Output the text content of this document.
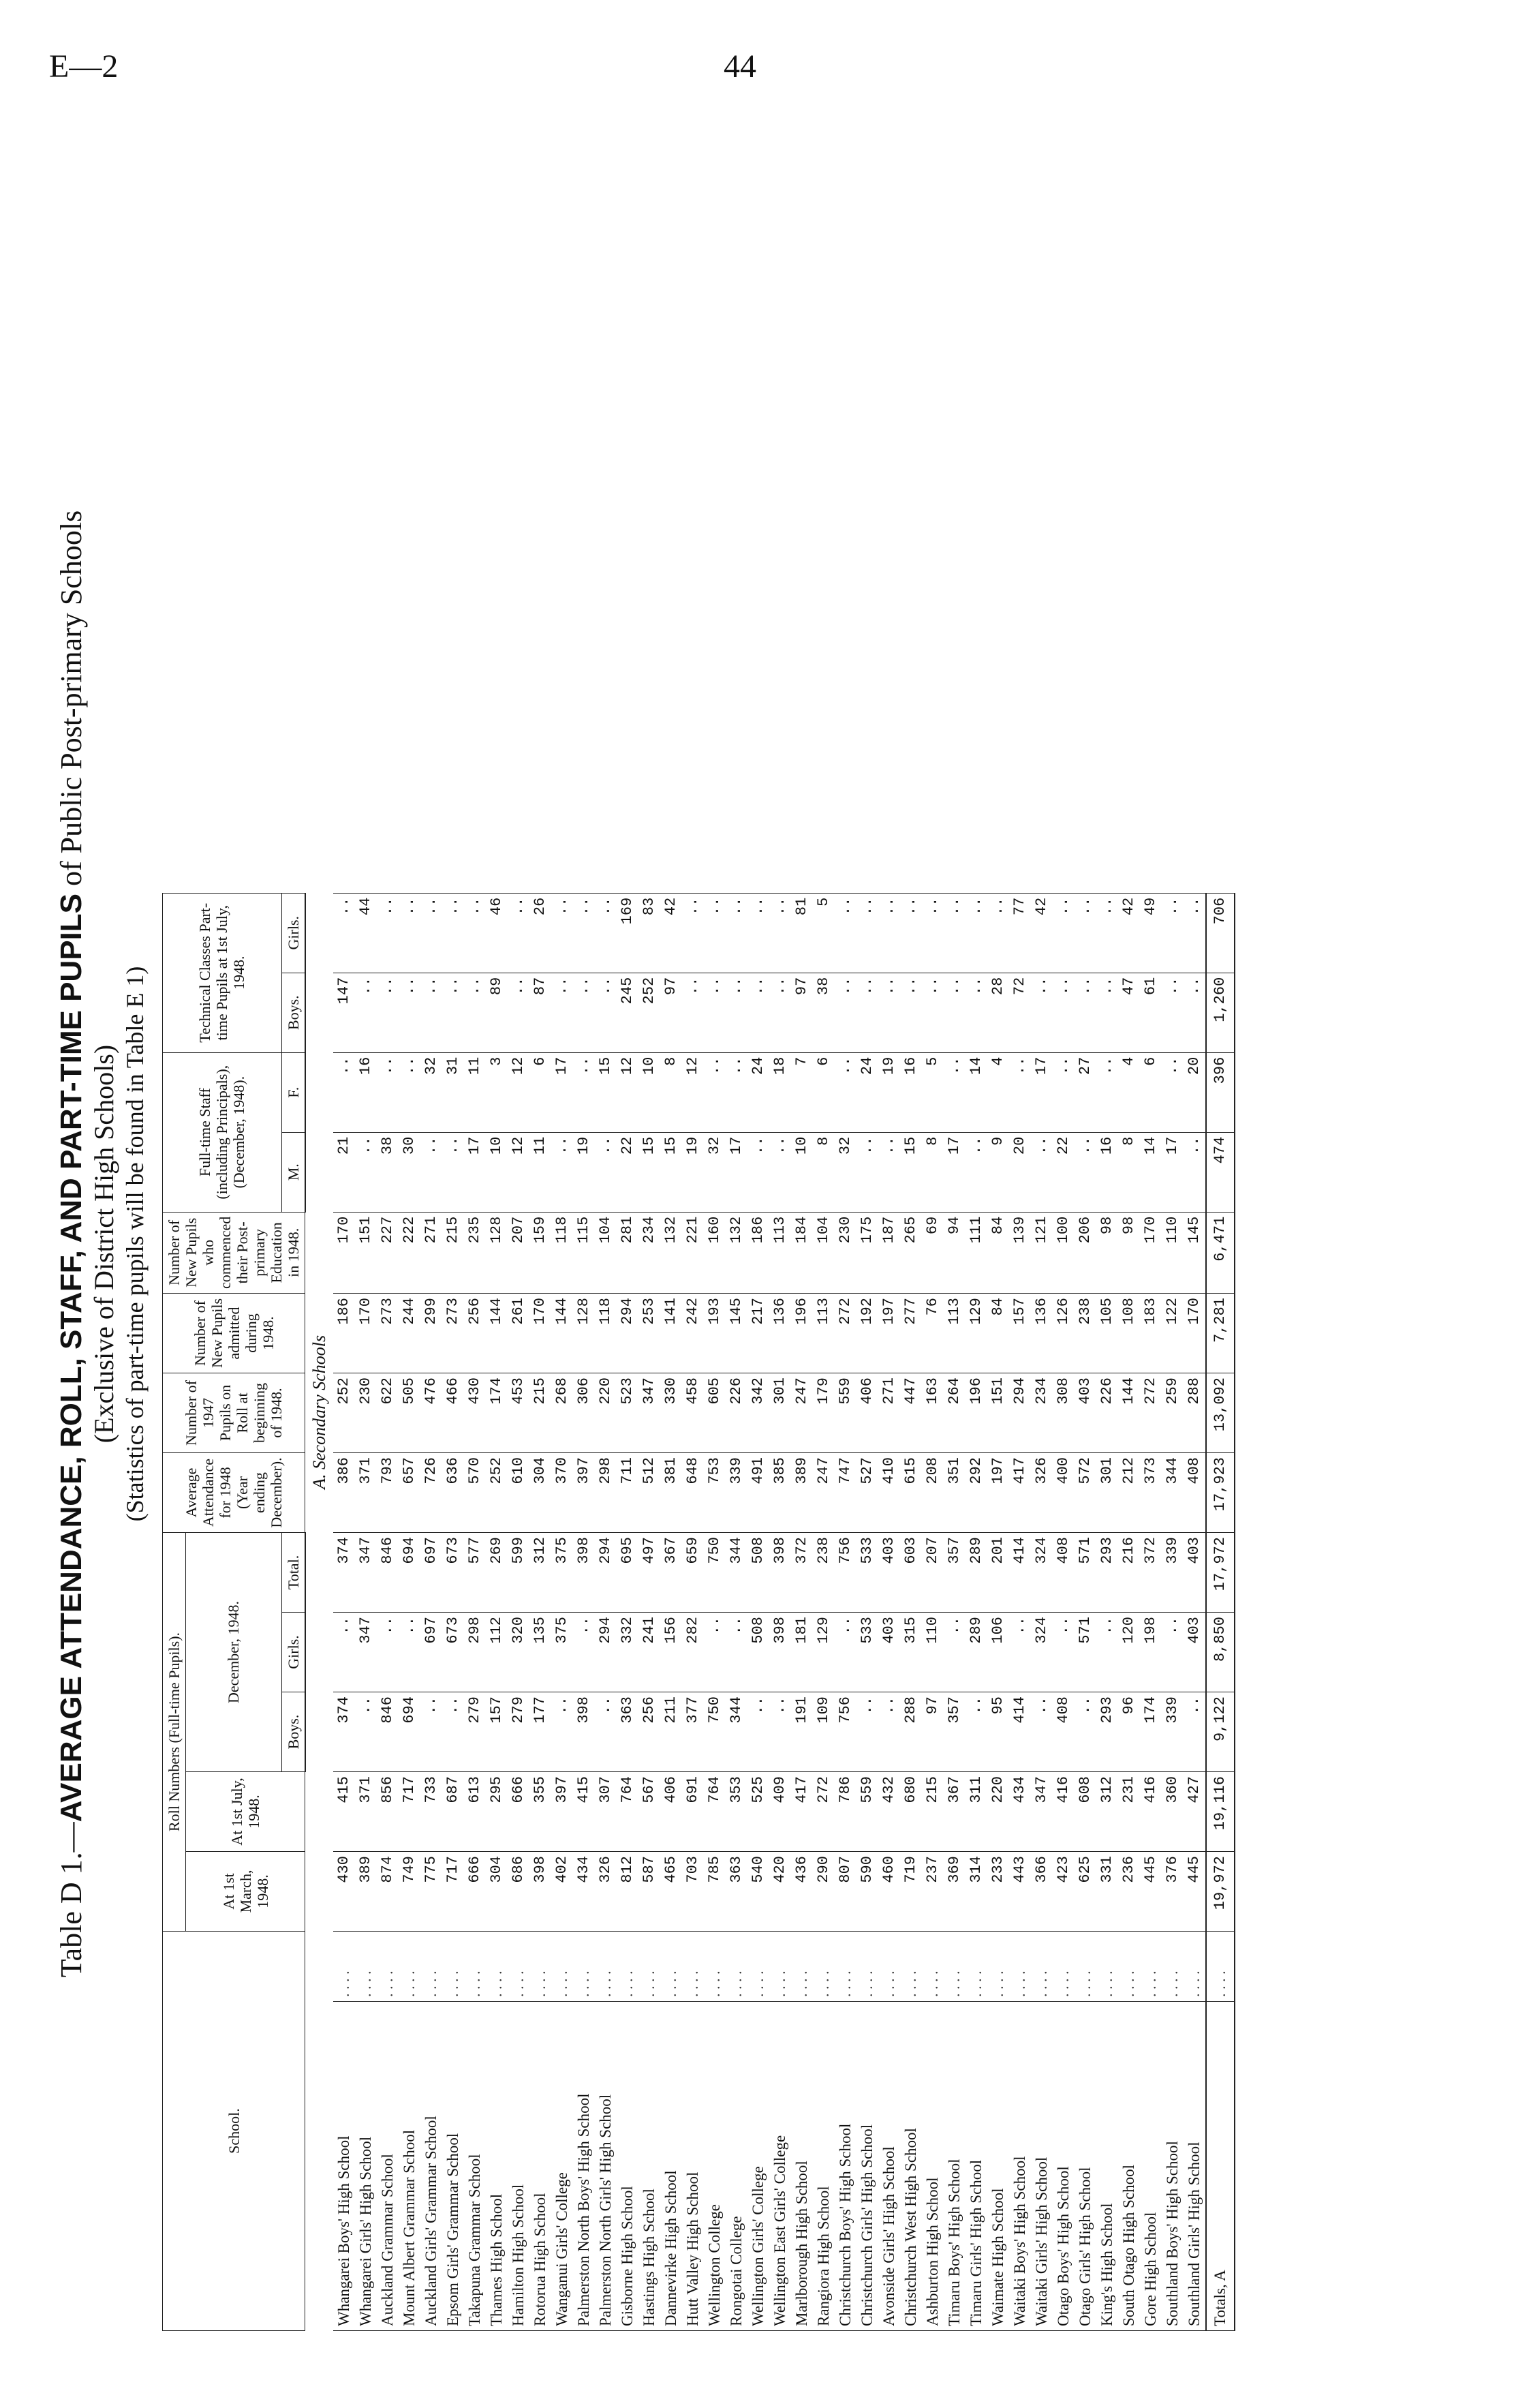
E—2	44
Table D 1.—AVERAGE ATTENDANCE, ROLL, STAFF, AND PART-TIME PUPILS of Public Post-primary Schools
(Exclusive of District High Schools) (Statistics of part-time pupils will be found in Table E 1)
School.		Roll Numbers (Full-time Pupils).					Average Attendance for 1948 (Year ending December).	Number of 1947 Pupils on Roll at beginning of 1948.	Number of New Pupils admitted during 1948.	Number of New Pupils who commenced their Post-primary Education in 1948.	Full-time Staff (including Principals), (December, 1948).		Technical Classes Part-time Pupils at 1st July, 1948.	
		At 1st March, 1948.	At 1st July, 1948.	December, 1948.										
				Boys.	Girls.	Total.					M.	F.	Boys.	Girls.
		A. Secondary Schools												
Whangarei Boys' High School	. . . .	430	415	374	..	374	386	252	186	170	21	..	147	..
Whangarei Girls' High School	. . . .	389	371	..	347	347	371	230	170	151	..	16	..	44
Auckland Grammar School	. . . .	874	856	846	..	846	793	622	273	227	38	..	..	..
Mount Albert Grammar School	. . . .	749	717	694	..	694	657	505	244	222	30	..	..	..
Auckland Girls' Grammar School	. . . .	775	733	..	697	697	726	476	299	271	..	32	..	..
Epsom Girls' Grammar School	. . . .	717	687	..	673	673	636	466	273	215	..	31	..	..
Takapuna Grammar School	. . . .	666	613	279	298	577	570	430	256	235	17	11	..	..
Thames High School	. . . .	304	295	157	112	269	252	174	144	128	10	3	89	46
Hamilton High School	. . . .	686	666	279	320	599	610	453	261	207	12	12	..	..
Rotorua High School	. . . .	398	355	177	135	312	304	215	170	159	11	6	87	26
Wanganui Girls' College	. . . .	402	397	..	375	375	370	268	144	118	..	17	..	..
Palmerston North Boys' High School	. . . .	434	415	398	..	398	397	306	128	115	19	..	..	..
Palmerston North Girls' High School	. . . .	326	307	..	294	294	298	220	118	104	..	15	..	..
Gisborne High School	. . . .	812	764	363	332	695	711	523	294	281	22	12	245	169
Hastings High School	. . . .	587	567	256	241	497	512	347	253	234	15	10	252	83
Dannevirke High School	. . . .	465	406	211	156	367	381	330	141	132	15	8	97	42
Hutt Valley High School	. . . .	703	691	377	282	659	648	458	242	221	19	12	..	..
Wellington College	. . . .	785	764	750	..	750	753	605	193	160	32	..	..	..
Rongotai College	. . . .	363	353	344	..	344	339	226	145	132	17	..	..	..
Wellington Girls' College	. . . .	540	525	..	508	508	491	342	217	186	..	24	..	..
Wellington East Girls' College	. . . .	420	409	..	398	398	385	301	136	113	..	18	..	..
Marlborough High School	. . . .	436	417	191	181	372	389	247	196	184	10	7	97	81
Rangiora High School	. . . .	290	272	109	129	238	247	179	113	104	8	6	38	5
Christchurch Boys' High School	. . . .	807	786	756	..	756	747	559	272	230	32	..	..	..
Christchurch Girls' High School	. . . .	590	559	..	533	533	527	406	192	175	..	24	..	..
Avonside Girls' High School	. . . .	460	432	..	403	403	410	271	197	187	..	19	..	..
Christchurch West High School	. . . .	719	680	288	315	603	615	447	277	265	15	16	..	..
Ashburton High School	. . . .	237	215	97	110	207	208	163	76	69	8	5	..	..
Timaru Boys' High School	. . . .	369	367	357	..	357	351	264	113	94	17	..	..	..
Timaru Girls' High School	. . . .	314	311	..	289	289	292	196	129	111	..	14	..	..
Waimate High School	. . . .	233	220	95	106	201	197	151	84	84	9	4	28	..
Waitaki Boys' High School	. . . .	443	434	414	..	414	417	294	157	139	20	..	72	77
Waitaki Girls' High School	. . . .	366	347	..	324	324	326	234	136	121	..	17	..	42
Otago Boys' High School	. . . .	423	416	408	..	408	400	308	126	100	22	..	..	..
Otago Girls' High School	. . . .	625	608	..	571	571	572	403	238	206	..	27	..	..
King's High School	. . . .	331	312	293	..	293	301	226	105	98	16	..	..	..
South Otago High School	. . . .	236	231	96	120	216	212	144	108	98	8	4	47	42
Gore High School	. . . .	445	416	174	198	372	373	272	183	170	14	6	61	49
Southland Boys' High School	. . . .	376	360	339	..	339	344	259	122	110	17	..	..	..
Southland Girls' High School	. . . .	445	427	..	403	403	408	288	170	145	..	20	..	..
Totals, A	. . . .	19,972	19,116	9,122	8,850	17,972	17,923	13,092	7,281	6,471	474	396	1,260	706
